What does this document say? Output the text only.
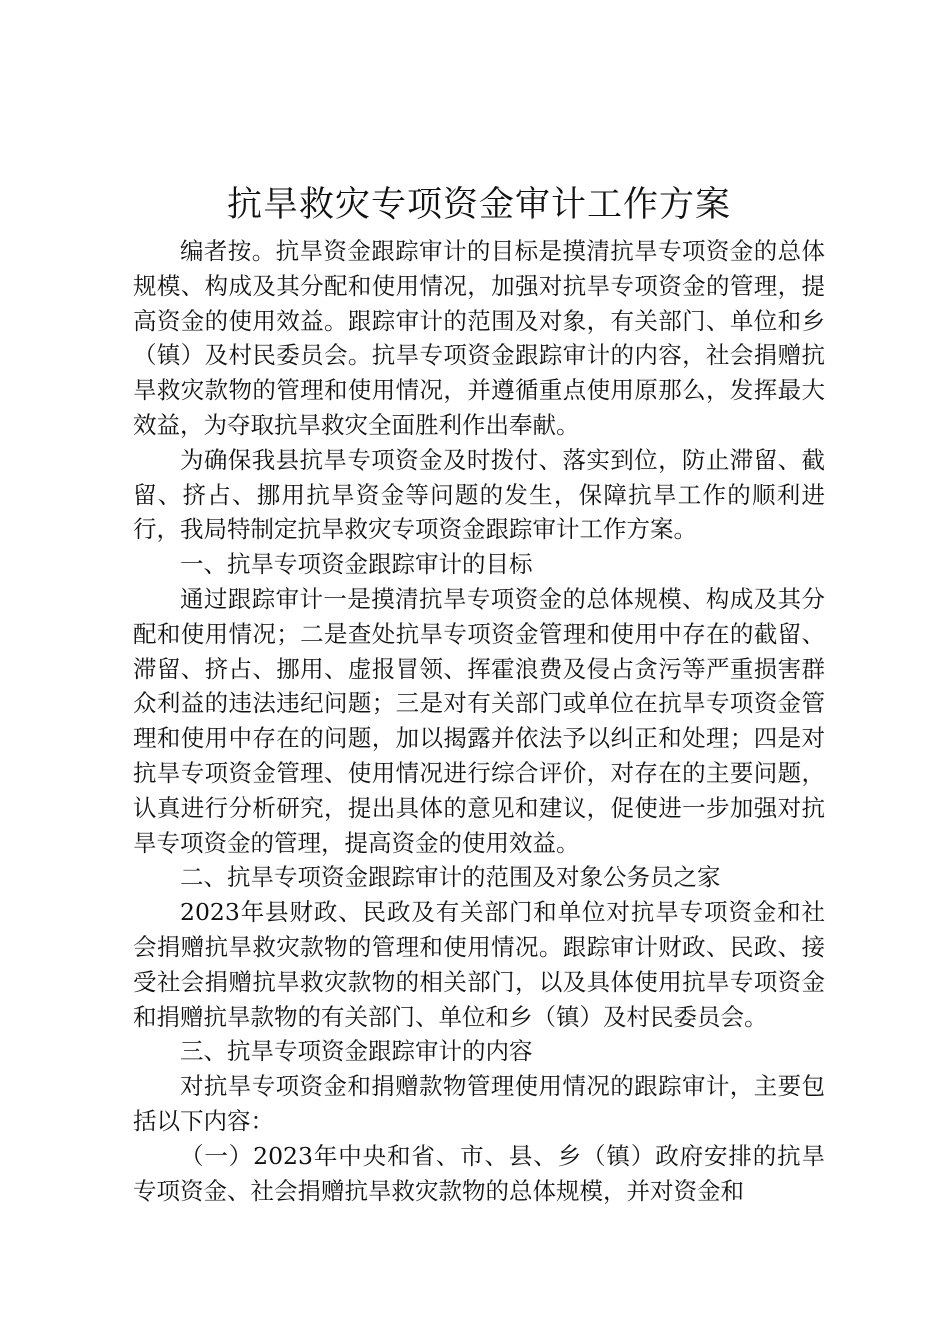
抗旱救灾专项资金审计工作方案

编者按。抗旱资金跟踪审计的目标是摸清抗旱专项资金的总体规模、构成及其分配和使用情况，加强对抗旱专项资金的管理，提高资金的使用效益。跟踪审计的范围及对象，有关部门、单位和乡（镇）及村民委员会。抗旱专项资金跟踪审计的内容，社会捐赠抗旱救灾款物的管理和使用情况，并遵循重点使用原那么，发挥最大效益，为夺取抗旱救灾全面胜利作出奉献。

为确保我县抗旱专项资金及时拨付、落实到位，防止滞留、截留、挤占、挪用抗旱资金等问题的发生，保障抗旱工作的顺利进行，我局特制定抗旱救灾专项资金跟踪审计工作方案。

一、抗旱专项资金跟踪审计的目标

通过跟踪审计一是摸清抗旱专项资金的总体规模、构成及其分配和使用情况；二是查处抗旱专项资金管理和使用中存在的截留、滞留、挤占、挪用、虚报冒领、挥霍浪费及侵占贪污等严重损害群众利益的违法违纪问题；三是对有关部门或单位在抗旱专项资金管理和使用中存在的问题，加以揭露并依法予以纠正和处理；四是对抗旱专项资金管理、使用情况进行综合评价，对存在的主要问题，认真进行分析研究，提出具体的意见和建议，促使进一步加强对抗旱专项资金的管理，提高资金的使用效益。

二、抗旱专项资金跟踪审计的范围及对象公务员之家

2023年县财政、民政及有关部门和单位对抗旱专项资金和社会捐赠抗旱救灾款物的管理和使用情况。跟踪审计财政、民政、接受社会捐赠抗旱救灾款物的相关部门，以及具体使用抗旱专项资金和捐赠抗旱款物的有关部门、单位和乡（镇）及村民委员会。

三、抗旱专项资金跟踪审计的内容

对抗旱专项资金和捐赠款物管理使用情况的跟踪审计，主要包括以下内容：

（一）2023年中央和省、市、县、乡（镇）政府安排的抗旱专项资金、社会捐赠抗旱救灾款物的总体规模，并对资金和
